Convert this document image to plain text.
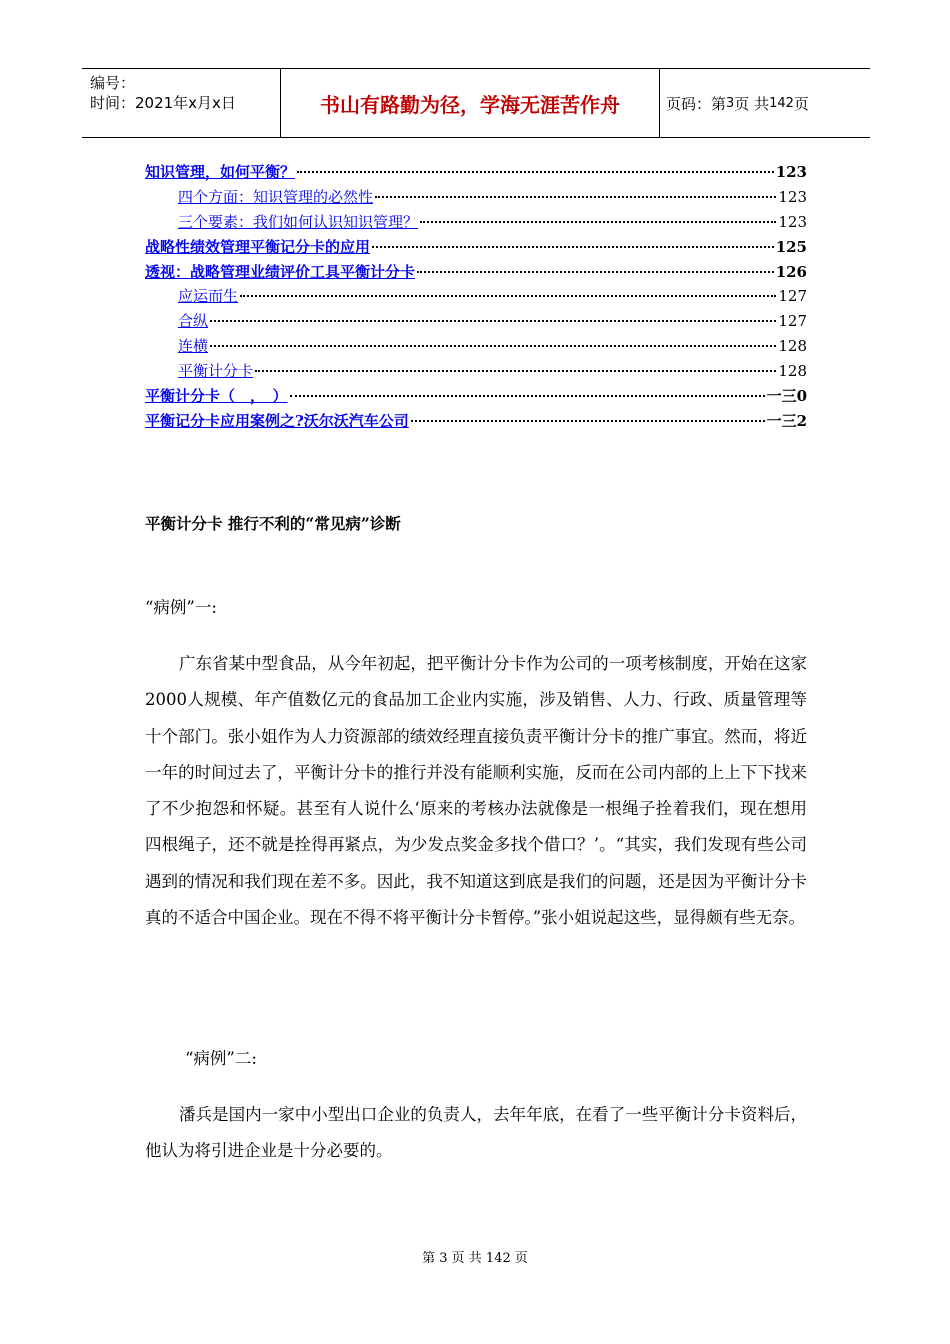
编号：
时间：2021年x月x日	书山有路勤为径，学海无涯苦作舟	页码：第 3 页 共 142 页
知识管理，如何平衡？	123
四个方面：知识管理的必然性	123
三个要素：我们如何认识知识管理？	123
战略性绩效管理平衡记分卡的应用	125
透视：战略管理业绩评价工具平衡计分卡	126
应运而生	127
合纵	127
连横	128
平衡计分卡	128
平衡计分卡（　，　）	一三0
平衡记分卡应用案例之?沃尔沃汽车公司	一三2
平衡计分卡 推行不利的“常见病”诊断
“病例”一:
广东省某中型食品，从今年初起，把平衡计分卡作为公司的一项考核制度，开始在这家2000人规模、年产值数亿元的食品加工企业内实施，涉及销售、人力、行政、质量管理等十个部门。张小姐作为人力资源部的绩效经理直接负责平衡计分卡的推广事宜。然而，将近一年的时间过去了，平衡计分卡的推行并没有能顺利实施，反而在公司内部的上上下下找来了不少抱怨和怀疑。甚至有人说什么‘原来的考核办法就像是一根绳子拴着我们，现在想用四根绳子，还不就是拴得再紧点，为少发点奖金多找个借口？’。“其实，我们发现有些公司遇到的情况和我们现在差不多。因此，我不知道这到底是我们的问题，还是因为平衡计分卡真的不适合中国企业。现在不得不将平衡计分卡暂停。”张小姐说起这些，显得颇有些无奈。
“病例”二:
潘兵是国内一家中小型出口企业的负责人，去年年底，在看了一些平衡计分卡资料后，他认为将引进企业是十分必要的。
第 3 页 共 142 页
